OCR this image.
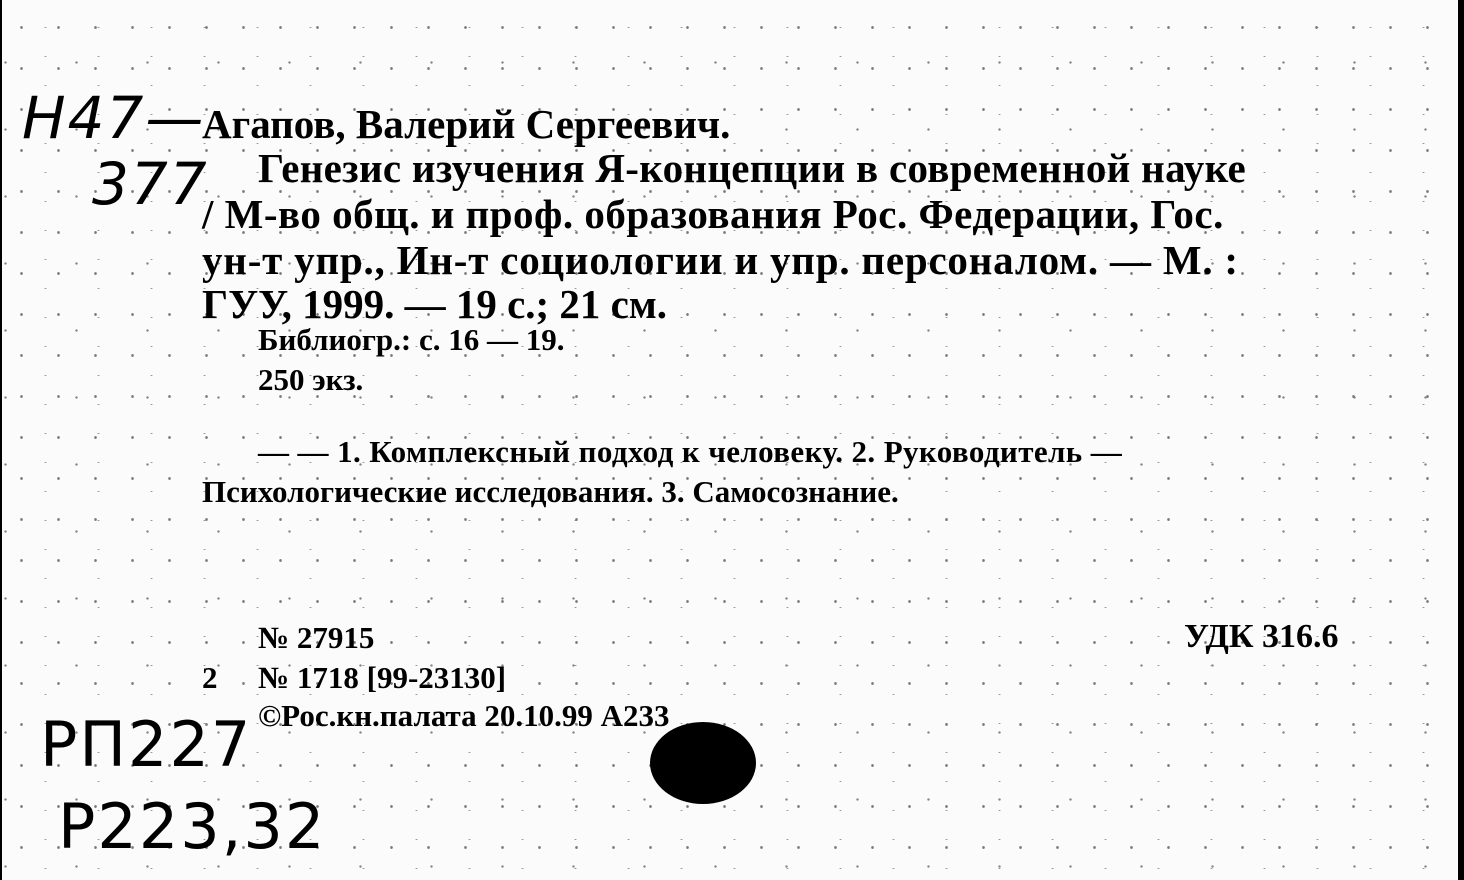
Н47—
377
Агапов, Валерий Сергеевич.
Генезис изучения Я-концепции в современной науке
/ М-во общ. и проф. образования Рос. Федерации, Гос.
ун-т упр., Ин-т социологии и упр. персоналом. — М. :
ГУУ, 1999. — 19 с.; 21 см.
Библиогр.: с. 16 — 19.
250 экз.
— — 1. Комплексный подход к человеку. 2. Руководитель —
Психологические исследования. 3. Самосознание.
№ 27915
2 № 1718 [99-23130]
©Рос.кн.палата 20.10.99 А233
УДК 316.6
РП227
Р223,32
